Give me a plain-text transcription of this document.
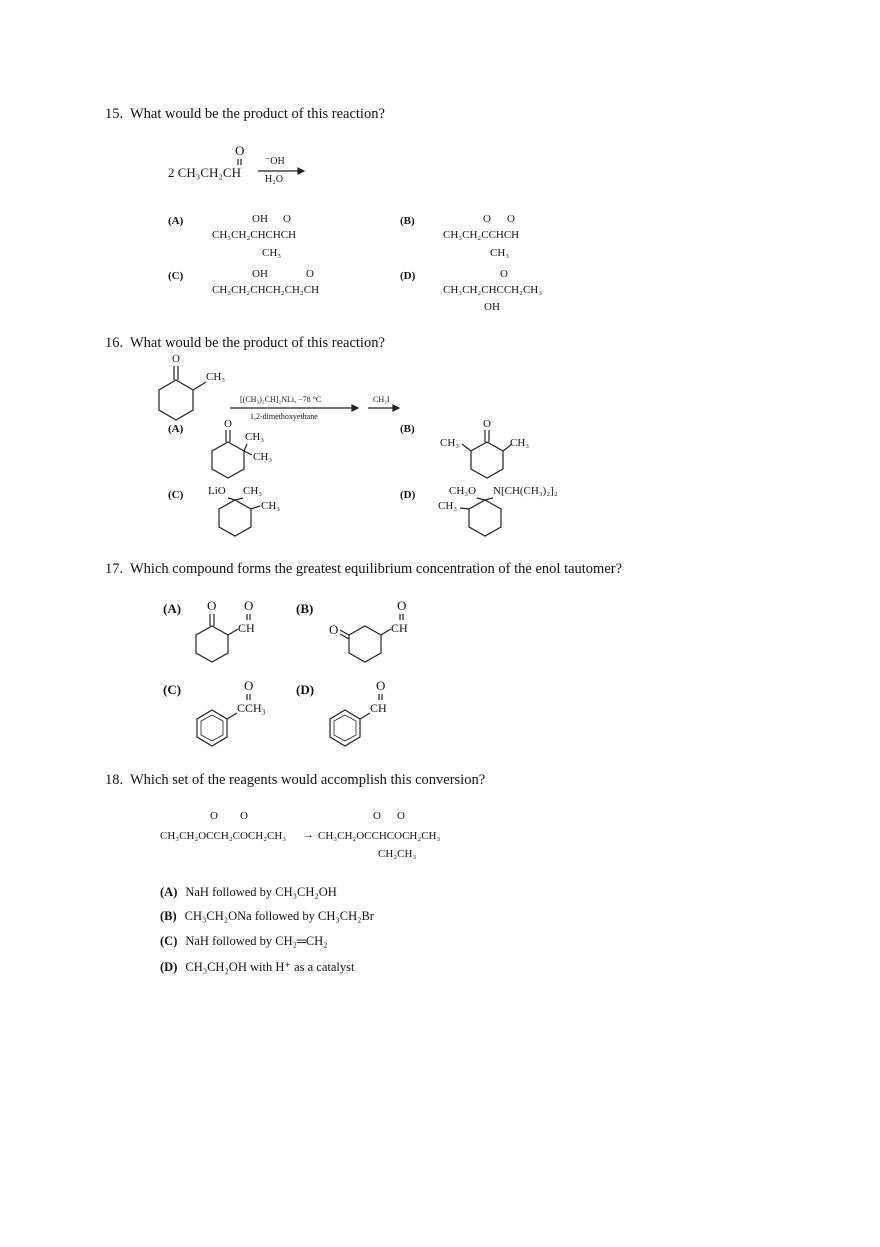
15. What would be the product of this reaction?
O
2 CH₃CH₂CH
⁻OH
H₂O
(A)	OH O
CH₃CH₂CHCHCH
CH₃
(B)	O O
CH₃CH₂CCHCH
CH₃
(C)	OH	O
CH₃CH₂CHCH₂CH₂CH
(D)	O
CH₃CH₂CHCCH₂CH₃
OH
16. What would be the product of this reaction?
O
CH₃
[(CH₃)₂CH]₂NLi, −78 °C
1,2-dimethoxyethane
CH₃I
(A)	O
CH₃
CH₃
(B)	O
CH₃	CH₃
(C) LiO CH₃
CH₃
(D)	CH₃O N[CH(CH₃)₂]₂
CH₃
17. Which compound forms the greatest equilibrium concentration of the enol tautomer?
(A) O O
CH
(B)
O
O
CH
(C)	O
CCH₃
(D)	O
CH
18. Which set of the reagents would accomplish this conversion?
O O	O O
CH₃CH₂OCCH₂COCH₂CH₃ → CH₃CH₂OCCHCOCH₂CH₃
CH₂CH₃
(A) NaH followed by CH₃CH₂OH
(B) CH₃CH₂ONa followed by CH₃CH₂Br
(C) NaH followed by CH₂═CH₂
(D) CH₃CH₂OH with H⁺ as a catalyst
